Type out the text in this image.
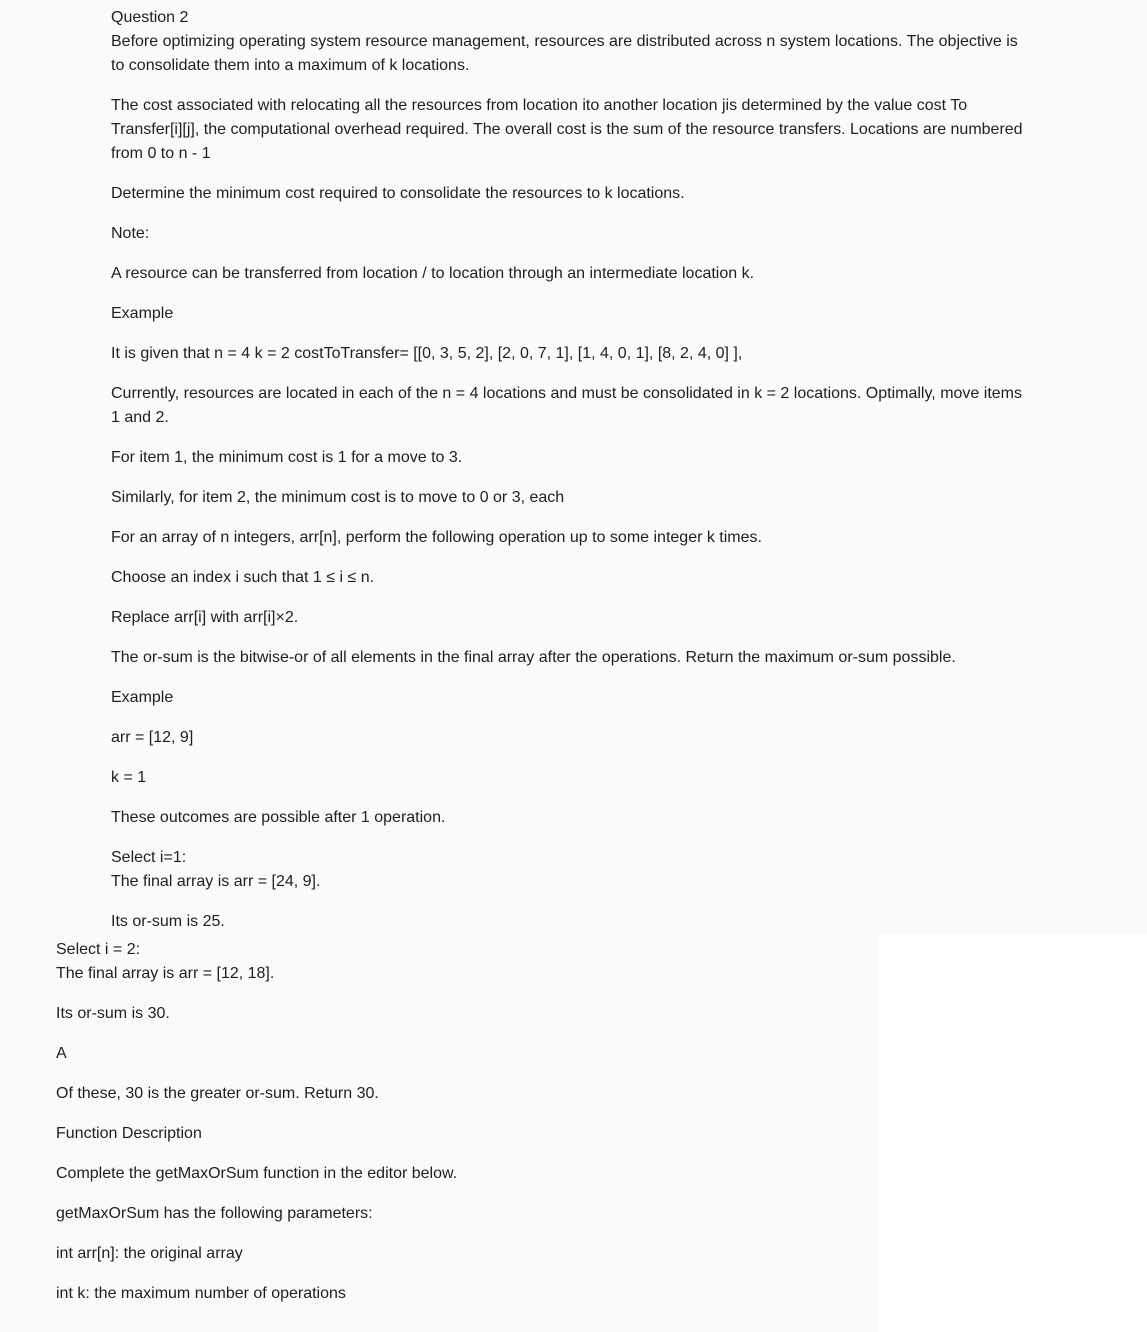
Question 2

Before optimizing operating system resource management, resources are distributed across n system locations. The objective is to consolidate them into a maximum of k locations.

The cost associated with relocating all the resources from location ito another location jis determined by the value cost To Transfer[i][j], the computational overhead required. The overall cost is the sum of the resource transfers. Locations are numbered from 0 to n - 1

Determine the minimum cost required to consolidate the resources to k locations.

Note:

A resource can be transferred from location / to location through an intermediate location k.

Example

It is given that n = 4 k = 2 costToTransfer= [[0, 3, 5, 2], [2, 0, 7, 1], [1, 4, 0, 1], [8, 2, 4, 0] ],

Currently, resources are located in each of the n = 4 locations and must be consolidated in k = 2 locations. Optimally, move items 1 and 2.

For item 1, the minimum cost is 1 for a move to 3.

Similarly, for item 2, the minimum cost is to move to 0 or 3, each

For an array of n integers, arr[n], perform the following operation up to some integer k times.

Choose an index i such that 1 ≤ i ≤ n.

Replace arr[i] with arr[i]×2.

The or-sum is the bitwise-or of all elements in the final array after the operations. Return the maximum or-sum possible.

Example

arr = [12, 9]

k = 1

These outcomes are possible after 1 operation.

Select i=1:

The final array is arr = [24, 9].

Its or-sum is 25.

Select i = 2:

The final array is arr = [12, 18].

Its or-sum is 30.

A

Of these, 30 is the greater or-sum. Return 30.

Function Description

Complete the getMaxOrSum function in the editor below.

getMaxOrSum has the following parameters:

int arr[n]: the original array

int k: the maximum number of operations
